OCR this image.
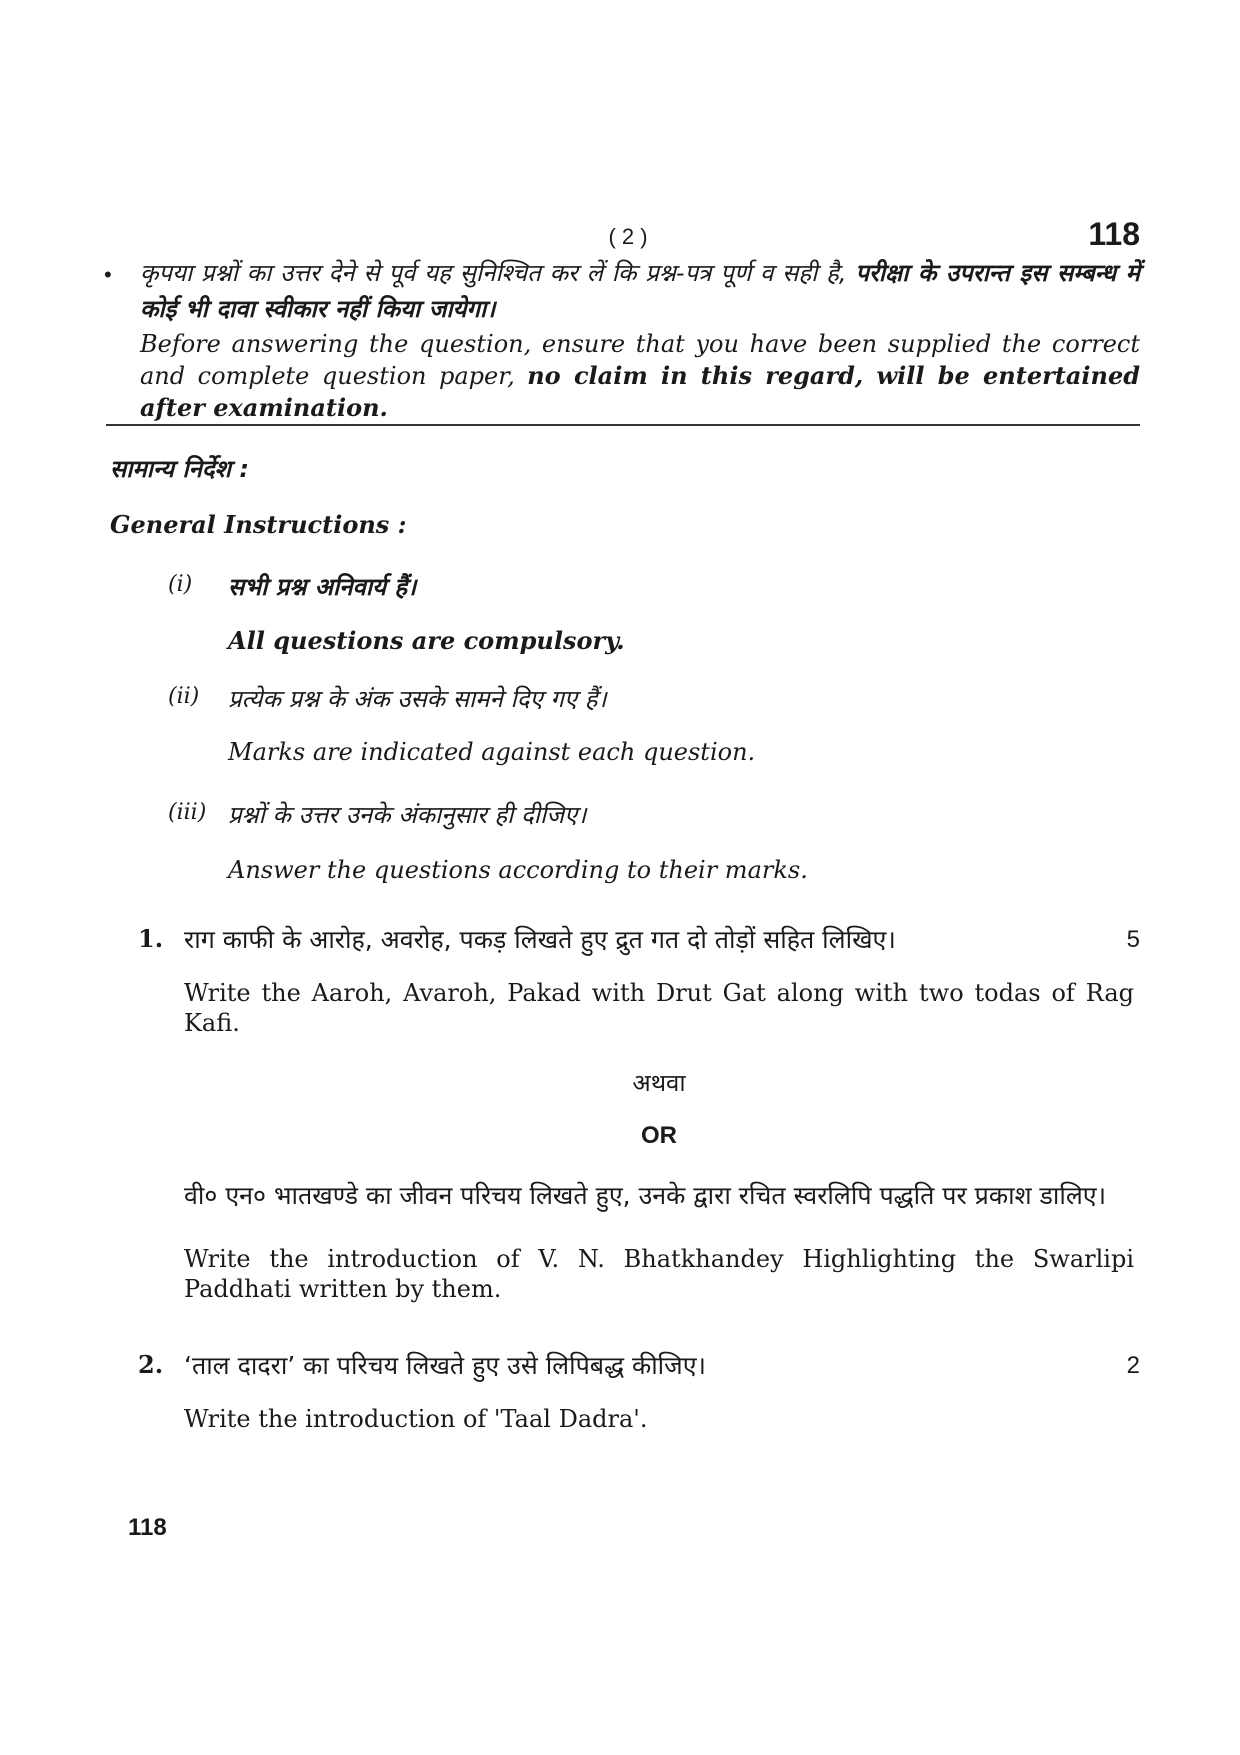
( 2 )	118
• कृपया प्रश्नों का उत्तर देने से पूर्व यह सुनिश्चित कर लें कि प्रश्न-पत्र पूर्ण व सही है, परीक्षा के उपरान्त इस सम्बन्ध में कोई भी दावा स्वीकार नहीं किया जायेगा।

Before answering the question, ensure that you have been supplied the correct and complete question paper, no claim in this regard, will be entertained after examination.

सामान्य निर्देश :
General Instructions :
(i)	सभी प्रश्न अनिवार्य हैं।
All questions are compulsory.
(ii)	प्रत्येक प्रश्न के अंक उसके सामने दिए गए हैं।
Marks are indicated against each question.
(iii) प्रश्नों के उत्तर उनके अंकानुसार ही दीजिए।
Answer the questions according to their marks.
1. राग काफी के आरोह, अवरोह, पकड़ लिखते हुए द्रुत गत दो तोड़ों सहित लिखिए।	5
Write the Aaroh, Avaroh, Pakad with Drut Gat along with two todas of Rag Kafi.
अथवा
OR
वी० एन० भातखण्डे का जीवन परिचय लिखते हुए, उनके द्वारा रचित स्वरलिपि पद्धति पर प्रकाश डालिए।
Write the introduction of V. N. Bhatkhandey Highlighting the Swarlipi Paddhati written by them.
2. ‘ताल दादरा’ का परिचय लिखते हुए उसे लिपिबद्ध कीजिए।	2
Write the introduction of 'Taal Dadra'.
118
